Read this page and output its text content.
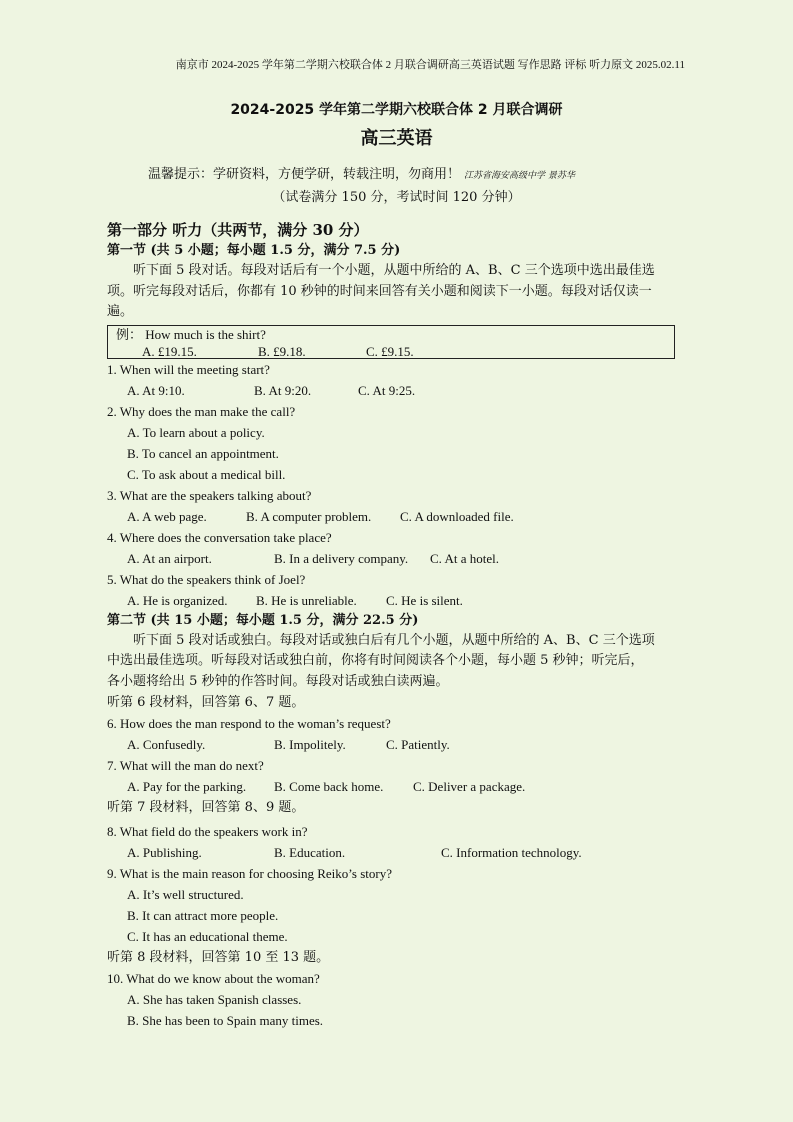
南京市 2024-2025 学年第二学期六校联合体 2 月联合调研高三英语试题 写作思路 评标 听力原文 2025.02.11
2024-2025 学年第二学期六校联合体 2 月联合调研
高三英语
温馨提示：学研资料，方便学研，转载注明，勿商用！ 江苏省海安高级中学 景苏华
（试卷满分 150 分，考试时间 120 分钟）
第一部分 听力（共两节，满分 30 分）
第一节 (共 5 小题；每小题 1.5 分，满分 7.5 分)
听下面 5 段对话。每段对话后有一个小题，从题中所给的 A、B、C 三个选项中选出最佳选
项。听完每段对话后，你都有 10 秒钟的时间来回答有关小题和阅读下一小题。每段对话仅读一
遍。
例： How much is the shirt?
A. £19.15.	B. £9.18.	C. £9.15.
1. When will the meeting start?
A. At 9:10.	B. At 9:20.	C. At 9:25.
2. Why does the man make the call?
A. To learn about a policy.
B. To cancel an appointment.
C. To ask about a medical bill.
3. What are the speakers talking about?
A. A web page.	B. A computer problem. C. A downloaded file.
4. Where does the conversation take place?
A. At an airport.	B. In a delivery company. C. At a hotel.
5. What do the speakers think of Joel?
A. He is organized. B. He is unreliable. C. He is silent.
第二节 (共 15 小题；每小题 1.5 分，满分 22.5 分)
听下面 5 段对话或独白。每段对话或独白后有几个小题，从题中所给的 A、B、C 三个选项
中选出最佳选项。听每段对话或独白前，你将有时间阅读各个小题，每小题 5 秒钟；听完后，
各小题将给出 5 秒钟的作答时间。每段对话或独白读两遍。
听第 6 段材料，回答第 6、7 题。
6. How does the man respond to the woman’s request?
A. Confusedly.	B. Impolitely.	C. Patiently.
7. What will the man do next?
A. Pay for the parking. B. Come back home. C. Deliver a package.
听第 7 段材料，回答第 8、9 题。
8. What field do the speakers work in?
A. Publishing.	B. Education.	C. Information technology.
9. What is the main reason for choosing Reiko’s story?
A. It’s well structured.
B. It can attract more people.
C. It has an educational theme.
听第 8 段材料，回答第 10 至 13 题。
10. What do we know about the woman?
A. She has taken Spanish classes.
B. She has been to Spain many times.
